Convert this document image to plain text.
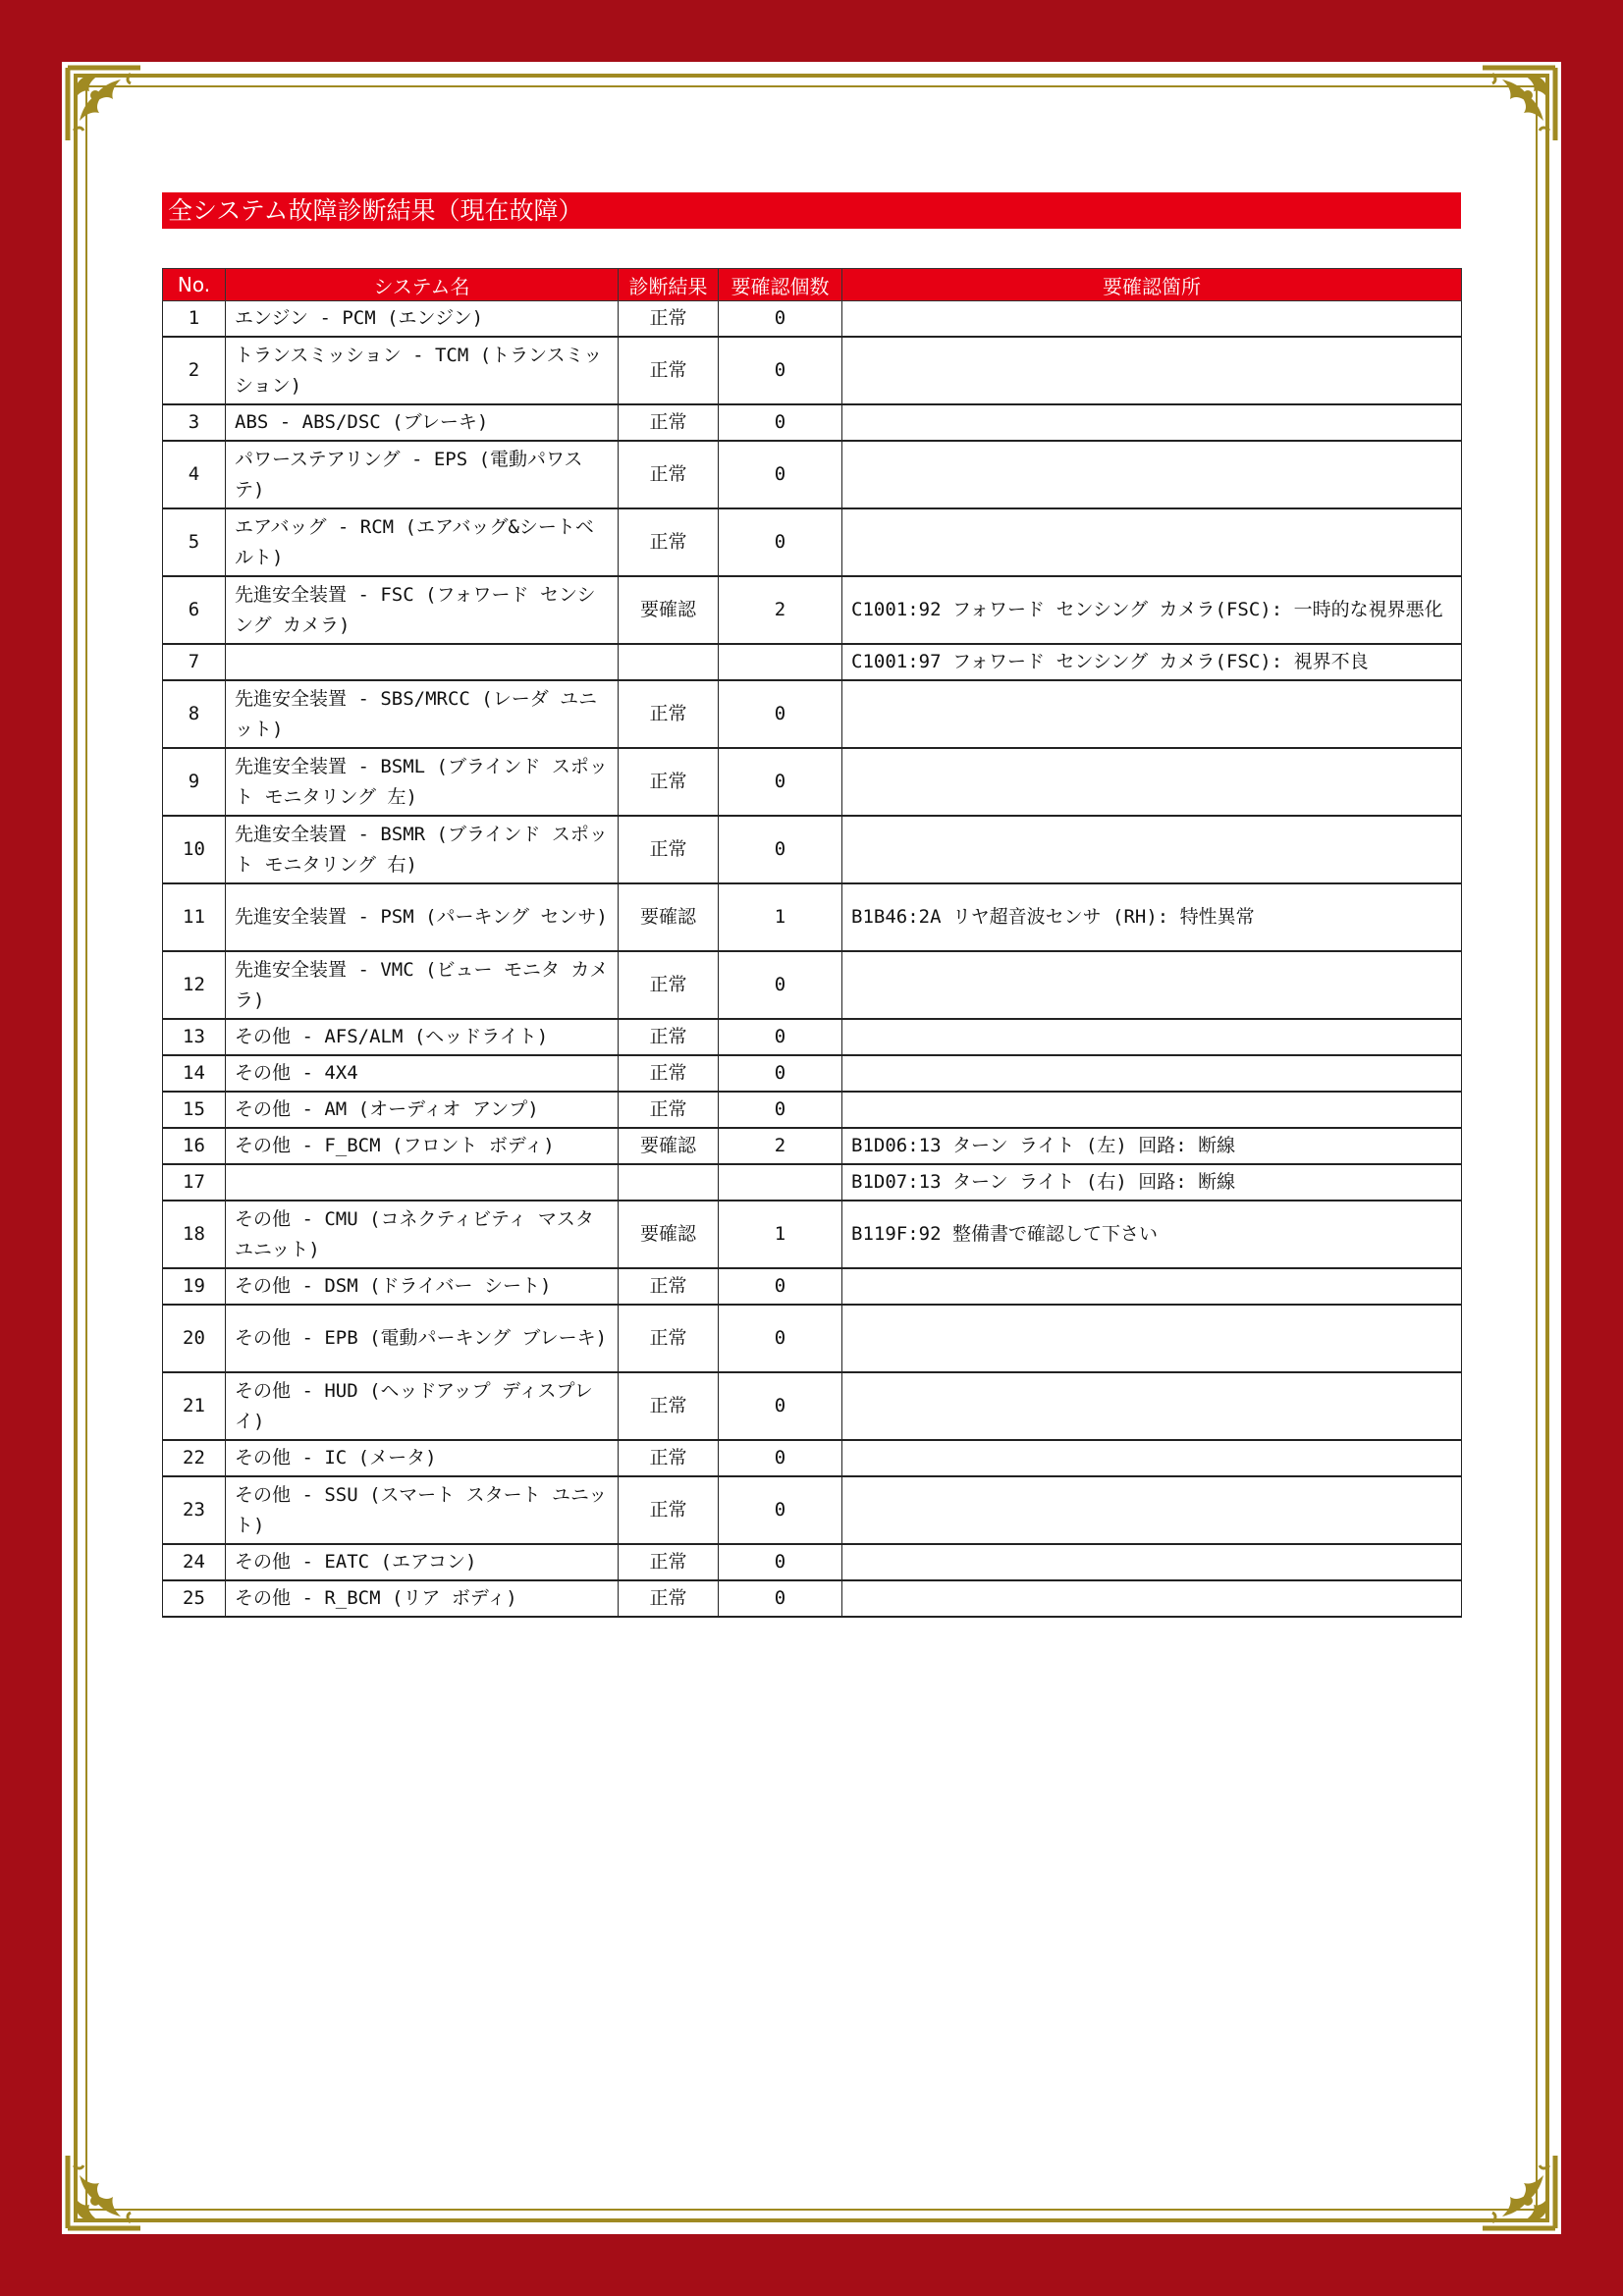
全システム故障診断結果（現在故障）
No.	システム名	診断結果	要確認個数	要確認箇所
1	エンジン - PCM (エンジン)	正常	0	
2	トランスミッション - TCM (トランスミッション)	正常	0	
3	ABS - ABS/DSC (ブレーキ)	正常	0	
4	パワーステアリング - EPS (電動パワステ)	正常	0	
5	エアバッグ - RCM (エアバッグ&シートベルト)	正常	0	
6	先進安全装置 - FSC (フォワード センシング カメラ)	要確認	2	C1001:92 フォワード センシング カメラ(FSC): 一時的な視界悪化
7				C1001:97 フォワード センシング カメラ(FSC): 視界不良
8	先進安全装置 - SBS/MRCC (レーダ ユニット)	正常	0	
9	先進安全装置 - BSML (ブラインド スポット モニタリング 左)	正常	0	
10	先進安全装置 - BSMR (ブラインド スポット モニタリング 右)	正常	0	
11	先進安全装置 - PSM (パーキング センサ)	要確認	1	B1B46:2A リヤ超音波センサ (RH): 特性異常
12	先進安全装置 - VMC (ビュー モニタ カメラ)	正常	0	
13	その他 - AFS/ALM (ヘッドライト)	正常	0	
14	その他 - 4X4	正常	0	
15	その他 - AM (オーディオ アンプ)	正常	0	
16	その他 - F_BCM (フロント ボディ)	要確認	2	B1D06:13 ターン ライト (左) 回路: 断線
17				B1D07:13 ターン ライト (右) 回路: 断線
18	その他 - CMU (コネクティビティ マスタ ユニット)	要確認	1	B119F:92 整備書で確認して下さい
19	その他 - DSM (ドライバー シート)	正常	0	
20	その他 - EPB (電動パーキング ブレーキ)	正常	0	
21	その他 - HUD (ヘッドアップ ディスプレイ)	正常	0	
22	その他 - IC (メータ)	正常	0	
23	その他 - SSU (スマート スタート ユニット)	正常	0	
24	その他 - EATC (エアコン)	正常	0	
25	その他 - R_BCM (リア ボディ)	正常	0	
